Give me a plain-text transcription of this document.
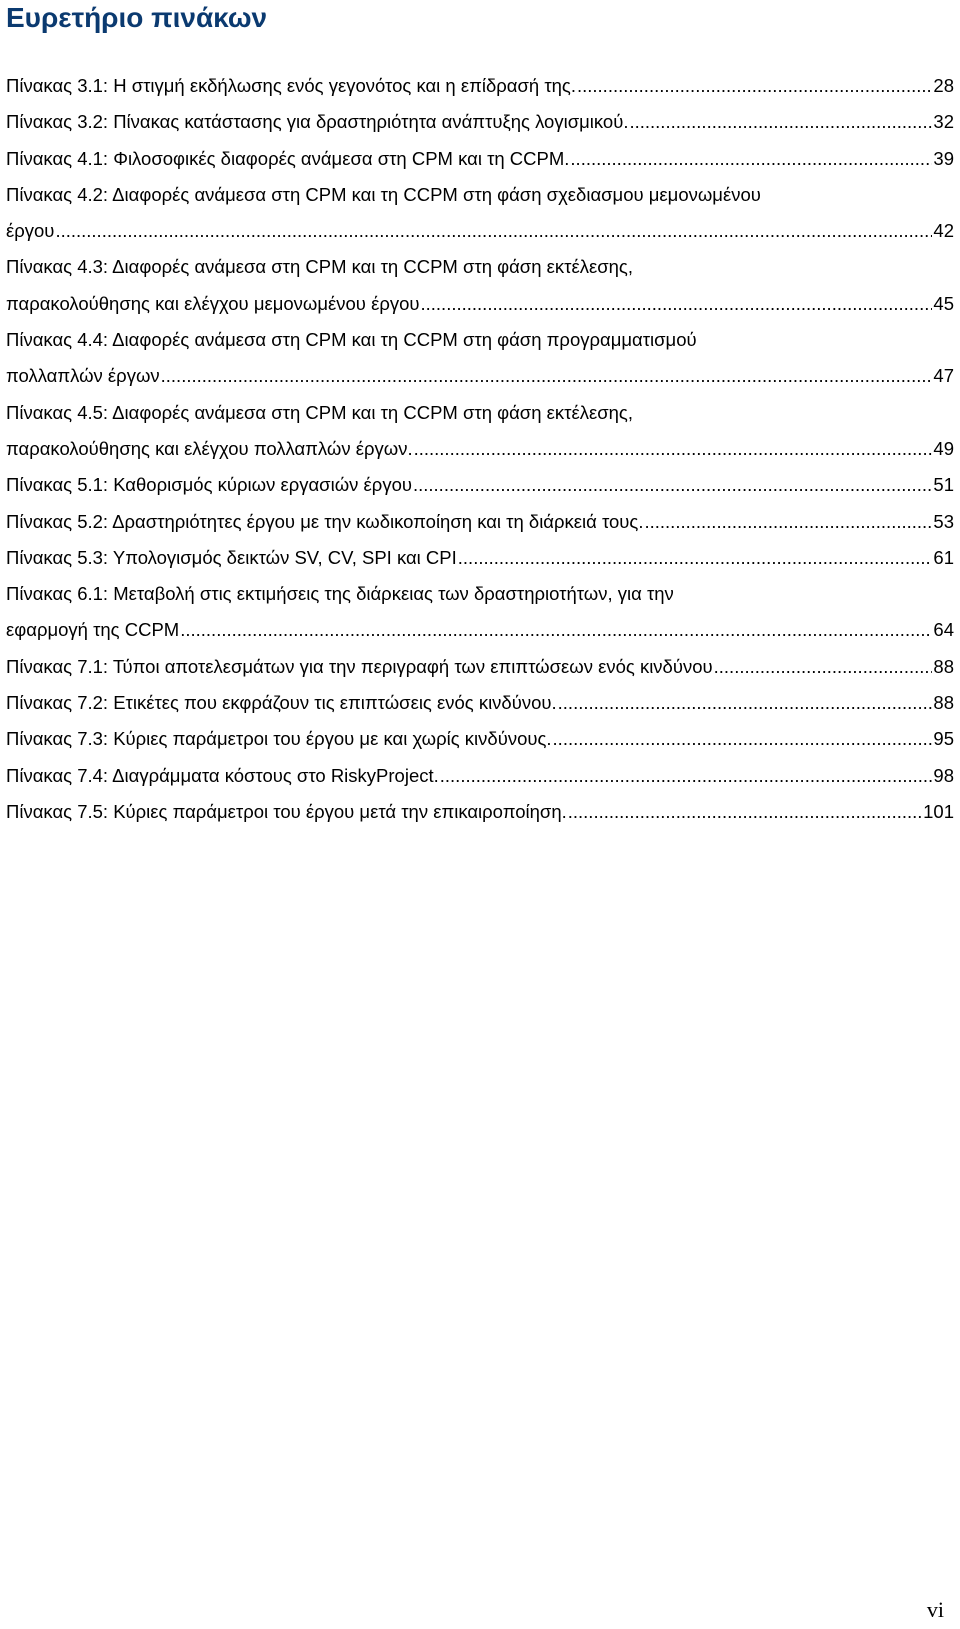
Ευρετήριο πινάκων
Πίνακας 3.1: Η στιγμή εκδήλωσης ενός γεγονότος και η επίδρασή της. .....	28
Πίνακας 3.2: Πίνακας κατάστασης για δραστηριότητα ανάπτυξης λογισμικού. .....	32
Πίνακας 4.1: Φιλοσοφικές διαφορές ανάμεσα στη CPM και τη CCPM. .....	39
Πίνακας 4.2: Διαφορές ανάμεσα στη CPM και τη CCPM στη φάση σχεδιασμου μεμονωμένου
έργου .....	42
Πίνακας 4.3: Διαφορές ανάμεσα στη CPM και τη CCPM στη φάση εκτέλεσης,
παρακολούθησης και ελέγχου μεμονωμένου έργου .....	45
Πίνακας 4.4: Διαφορές ανάμεσα στη CPM και τη CCPM στη φάση προγραμματισμού
πολλαπλών έργων .....	47
Πίνακας 4.5: Διαφορές ανάμεσα στη CPM και τη CCPM στη φάση εκτέλεσης,
παρακολούθησης και ελέγχου πολλαπλών έργων. .....	49
Πίνακας 5.1: Καθορισμός κύριων εργασιών έργου .....	51
Πίνακας 5.2: Δραστηριότητες έργου με την κωδικοποίηση και τη διάρκειά τους. .....	53
Πίνακας 5.3: Υπολογισμός δεικτών SV, CV, SPI και CPI .....	61
Πίνακας 6.1: Μεταβολή στις εκτιμήσεις της διάρκειας των δραστηριοτήτων, για την
εφαρμογή της CCPM .....	64
Πίνακας 7.1: Τύποι αποτελεσμάτων για την περιγραφή των επιπτώσεων ενός κινδύνου .....	88
Πίνακας 7.2: Ετικέτες που εκφράζουν τις επιπτώσεις ενός κινδύνου. .....	88
Πίνακας 7.3: Κύριες παράμετροι του έργου με και χωρίς κινδύνους. .....	95
Πίνακας 7.4: Διαγράμματα κόστους στο RiskyProject. .....	98
Πίνακας 7.5: Κύριες παράμετροι του έργου μετά την επικαιροποίηση. .....	101
vi
